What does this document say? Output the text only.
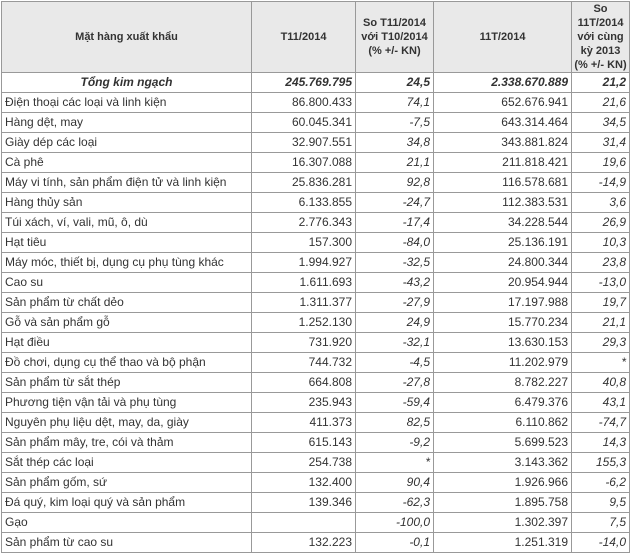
Mặt hàng xuất khẩu	T11/2014	So T11/2014 với T10/2014 (% +/- KN)	11T/2014	So 11T/2014 với cùng kỳ 2013 (% +/- KN)
Tổng kim ngạch	245.769.795	24,5	2.338.670.889	21,2
Điện thoại các loại và linh kiện	86.800.433	74,1	652.676.941	21,6
Hàng dệt, may	60.045.341	-7,5	643.314.464	34,5
Giày dép các loại	32.907.551	34,8	343.881.824	31,4
Cà phê	16.307.088	21,1	211.818.421	19,6
Máy vi tính, sản phẩm điện tử và linh kiện	25.836.281	92,8	116.578.681	-14,9
Hàng thủy sản	6.133.855	-24,7	112.383.531	3,6
Túi xách, ví, vali, mũ, ô, dù	2.776.343	-17,4	34.228.544	26,9
Hạt tiêu	157.300	-84,0	25.136.191	10,3
Máy móc, thiết bị, dụng cụ phụ tùng khác	1.994.927	-32,5	24.800.344	23,8
Cao su	1.611.693	-43,2	20.954.944	-13,0
Sản phẩm từ chất dẻo	1.311.377	-27,9	17.197.988	19,7
Gỗ và sản phẩm gỗ	1.252.130	24,9	15.770.234	21,1
Hạt điều	731.920	-32,1	13.630.153	29,3
Đồ chơi, dụng cụ thể thao và bộ phận	744.732	-4,5	11.202.979	*
Sản phẩm từ sắt thép	664.808	-27,8	8.782.227	40,8
Phương tiện vận tải và phụ tùng	235.943	-59,4	6.479.376	43,1
Nguyên phụ liệu dệt, may, da, giày	411.373	82,5	6.110.862	-74,7
Sản phẩm mây, tre, cói và thảm	615.143	-9,2	5.699.523	14,3
Sắt thép các loại	254.738	*	3.143.362	155,3
Sản phẩm gốm, sứ	132.400	90,4	1.926.966	-6,2
Đá quý, kim loại quý và sản phẩm	139.346	-62,3	1.895.758	9,5
Gạo		-100,0	1.302.397	7,5
Sản phẩm từ cao su	132.223	-0,1	1.251.319	-14,0
